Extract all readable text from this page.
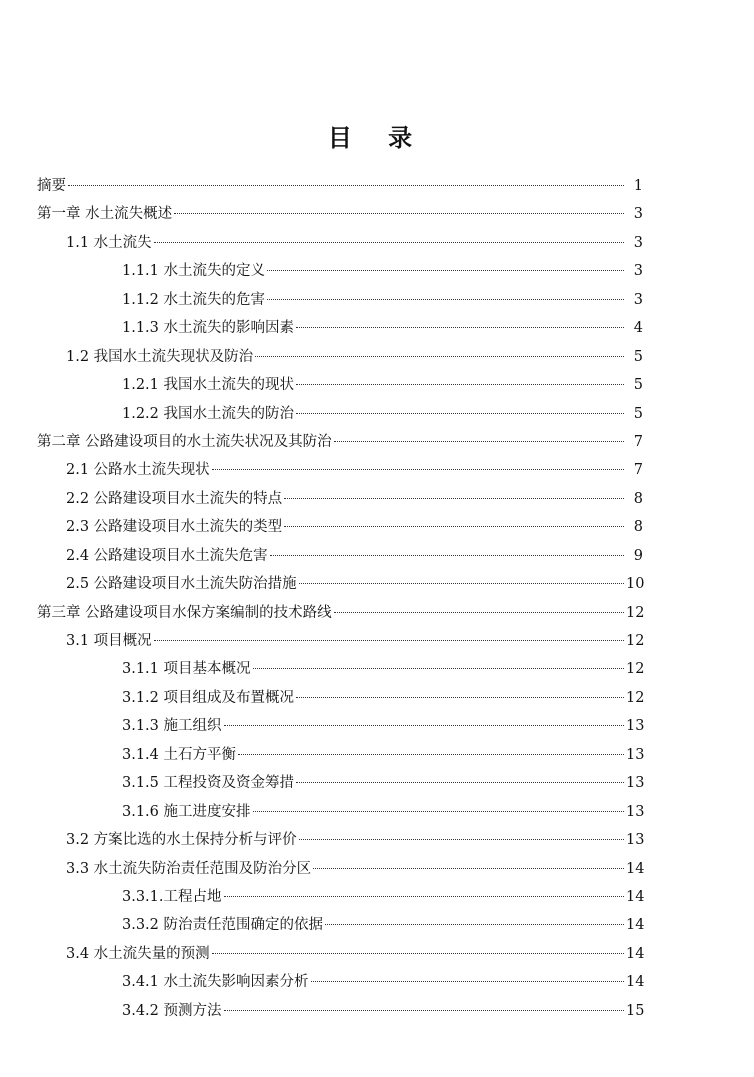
目 录
摘要	1
第一章 水土流失概述	3
1.1 水土流失	3
1.1.1 水土流失的定义	3
1.1.2 水土流失的危害	3
1.1.3 水土流失的影响因素	4
1.2 我国水土流失现状及防治	5
1.2.1 我国水土流失的现状	5
1.2.2 我国水土流失的防治	5
第二章 公路建设项目的水土流失状况及其防治	7
2.1 公路水土流失现状	7
2.2 公路建设项目水土流失的特点	8
2.3 公路建设项目水土流失的类型	8
2.4 公路建设项目水土流失危害	9
2.5 公路建设项目水土流失防治措施	10
第三章 公路建设项目水保方案编制的技术路线	12
3.1 项目概况	12
3.1.1 项目基本概况	12
3.1.2 项目组成及布置概况	12
3.1.3 施工组织	13
3.1.4 土石方平衡	13
3.1.5 工程投资及资金筹措	13
3.1.6 施工进度安排	13
3.2 方案比选的水土保持分析与评价	13
3.3 水土流失防治责任范围及防治分区	14
3.3.1.工程占地	14
3.3.2 防治责任范围确定的依据	14
3.4 水土流失量的预测	14
3.4.1 水土流失影响因素分析	14
3.4.2 预测方法	15
